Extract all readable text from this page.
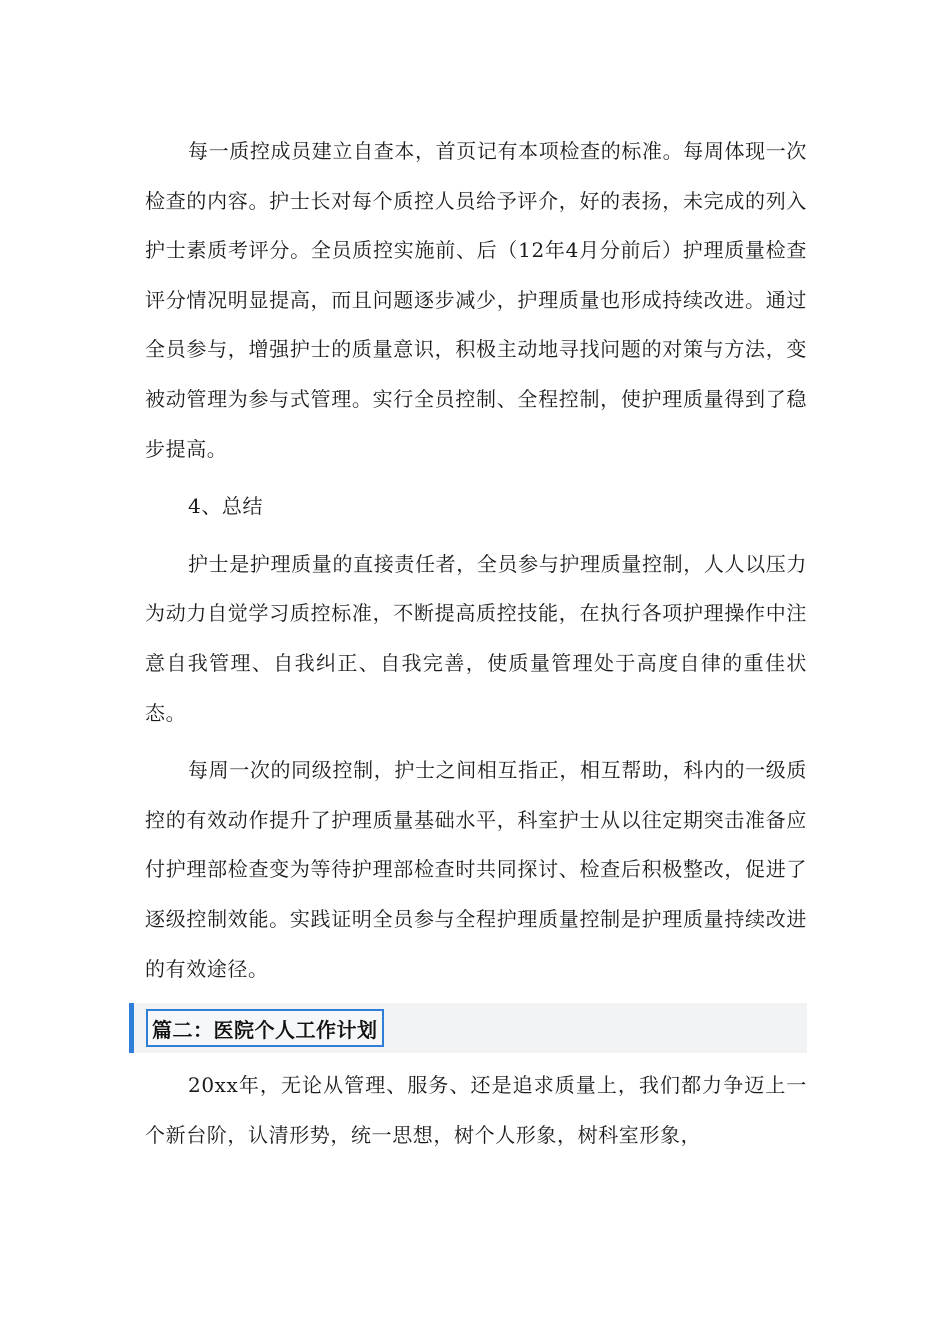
每一质控成员建立自查本，首页记有本项检查的标准。每周体现一次检查的内容。护士长对每个质控人员给予评介，好的表扬，未完成的列入护士素质考评分。全员质控实施前、后（12年4月分前后）护理质量检查评分情况明显提高，而且问题逐步减少，护理质量也形成持续改进。通过全员参与，增强护士的质量意识，积极主动地寻找问题的对策与方法，变被动管理为参与式管理。实行全员控制、全程控制，使护理质量得到了稳步提高。

4、总结

护士是护理质量的直接责任者，全员参与护理质量控制，人人以压力为动力自觉学习质控标准，不断提高质控技能，在执行各项护理操作中注意自我管理、自我纠正、自我完善，使质量管理处于高度自律的重佳状态。

每周一次的同级控制，护士之间相互指正，相互帮助，科内的一级质控的有效动作提升了护理质量基础水平，科室护士从以往定期突击准备应付护理部检查变为等待护理部检查时共同探讨、检查后积极整改，促进了逐级控制效能。实践证明全员参与全程护理质量控制是护理质量持续改进的有效途径。

篇二：医院个人工作计划

20xx年，无论从管理、服务、还是追求质量上，我们都力争迈上一个新台阶，认清形势，统一思想，树个人形象，树科室形象，
